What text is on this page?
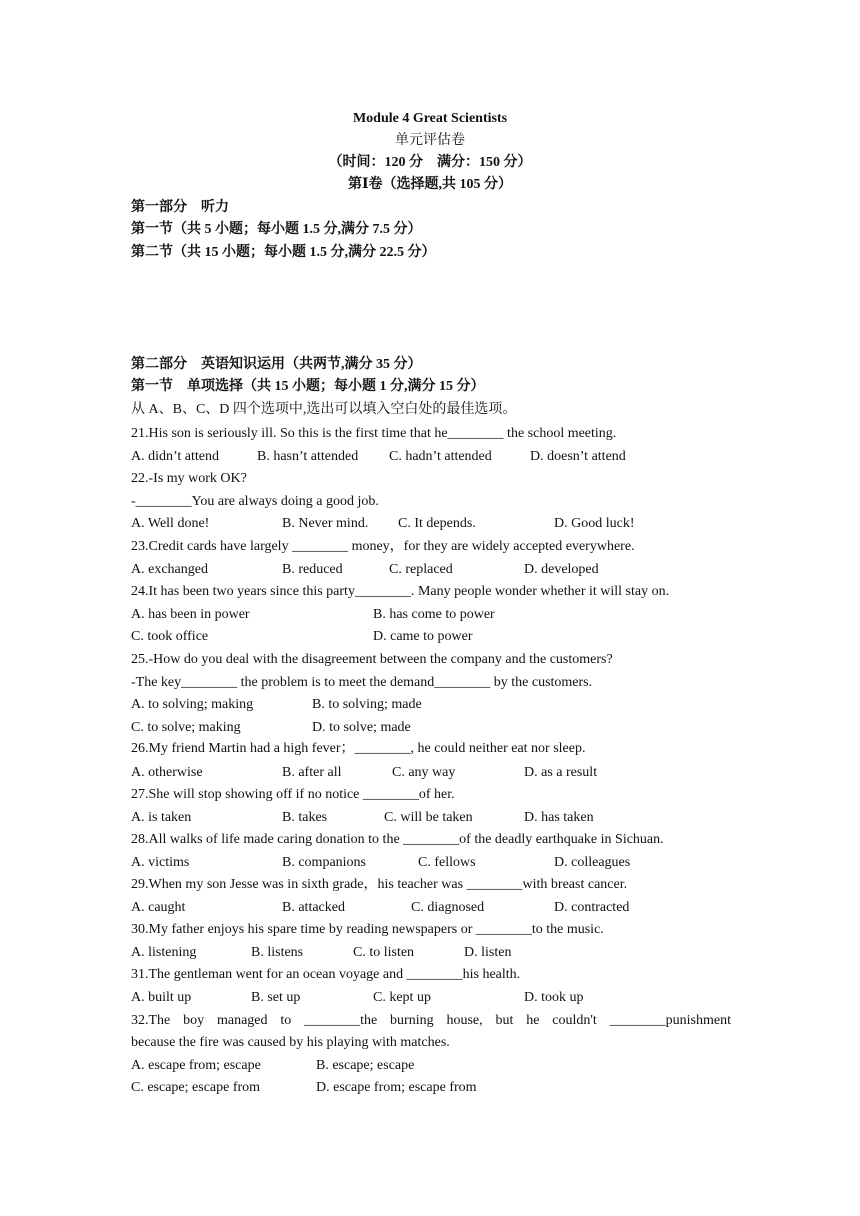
Module 4 Great Scientists
单元评估卷
（时间：120 分　满分：150 分）
第Ⅰ卷（选择题,共 105 分）
第一部分　听力
第一节（共 5 小题；每小题 1.5 分,满分 7.5 分）
第二节（共 15 小题；每小题 1.5 分,满分 22.5 分）
第二部分　英语知识运用（共两节,满分 35 分）
第一节　单项选择（共 15 小题；每小题 1 分,满分 15 分）
从 A、B、C、D 四个选项中,选出可以填入空白处的最佳选项。
21.His son is seriously ill. So this is the first time that he________ the school meeting.
A. didn’t attend	B. hasn’t attended C. hadn’t attended	D. doesn’t attend
22.-Is my work OK?
-________You are always doing a good job.
A. Well done!	B. Never mind. C. It depends.	D. Good luck!
23.Credit cards have largely ________ money，for they are widely accepted everywhere.
A. exchanged	B. reduced	C. replaced	D. developed
24.It has been two years since this party________. Many people wonder whether it will stay on.
A. has been in power	B. has come to power
C. took office	D. came to power
25.-How do you deal with the disagreement between the company and the customers?
-The key________ the problem is to meet the demand________ by the customers.
A. to solving; making	B. to solving; made
C. to solve; making	D. to solve; made
26.My friend Martin had a high fever；________, he could neither eat nor sleep.
A. otherwise	B. after all	C. any way	D. as a result
27.She will stop showing off if no notice ________of her.
A. is taken	B. takes	C. will be taken	D. has taken
28.All walks of life made caring donation to the ________of the deadly earthquake in Sichuan.
A. victims	B. companions	C. fellows	D. colleagues
29.When my son Jesse was in sixth grade，his teacher was ________with breast cancer.
A. caught	B. attacked	C. diagnosed	D. contracted
30.My father enjoys his spare time by reading newspapers or ________to the music.
A. listening	B. listens	C. to listen	D. listen
31.The gentleman went for an ocean voyage and ________his health.
A. built up	B. set up	C. kept up	D. took up
32.The boy managed to ________the burning house, but he couldn't ________punishment
because the fire was caused by his playing with matches.
A. escape from; escape	B. escape; escape
C. escape; escape from	D. escape from; escape from
